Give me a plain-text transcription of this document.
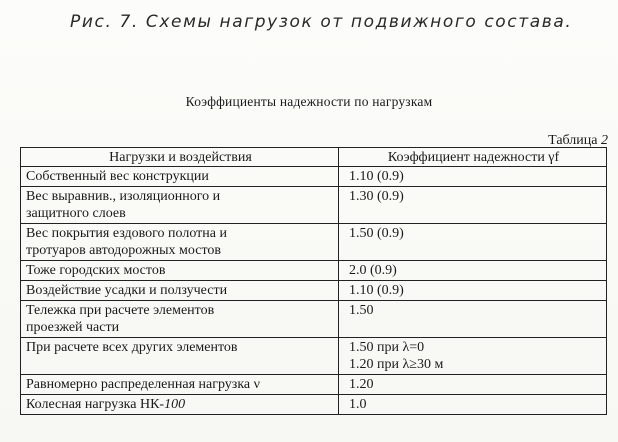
Рис. 7. Схемы нагрузок от подвижного состава.
Коэффициенты надежности по нагрузкам
Таблица 2
Нагрузки и воздействия	Коэффициент надежности γf
Собственный вес конструкции	1.10 (0.9)
Вес выравнив., изоляционного и
защитного слоев	1.30 (0.9)
Вес покрытия ездового полотна и
тротуаров автодорожных мостов	1.50 (0.9)
Тоже городских мостов	2.0 (0.9)
Воздействие усадки и ползучести	1.10 (0.9)
Тележка при расчете элементов
проезжей части	1.50
При расчете всех других элементов	1.50 при λ=0
1.20 при λ≥30 м
Равномерно распределенная нагрузка ν	1.20
Колесная нагрузка НК-100	1.0
